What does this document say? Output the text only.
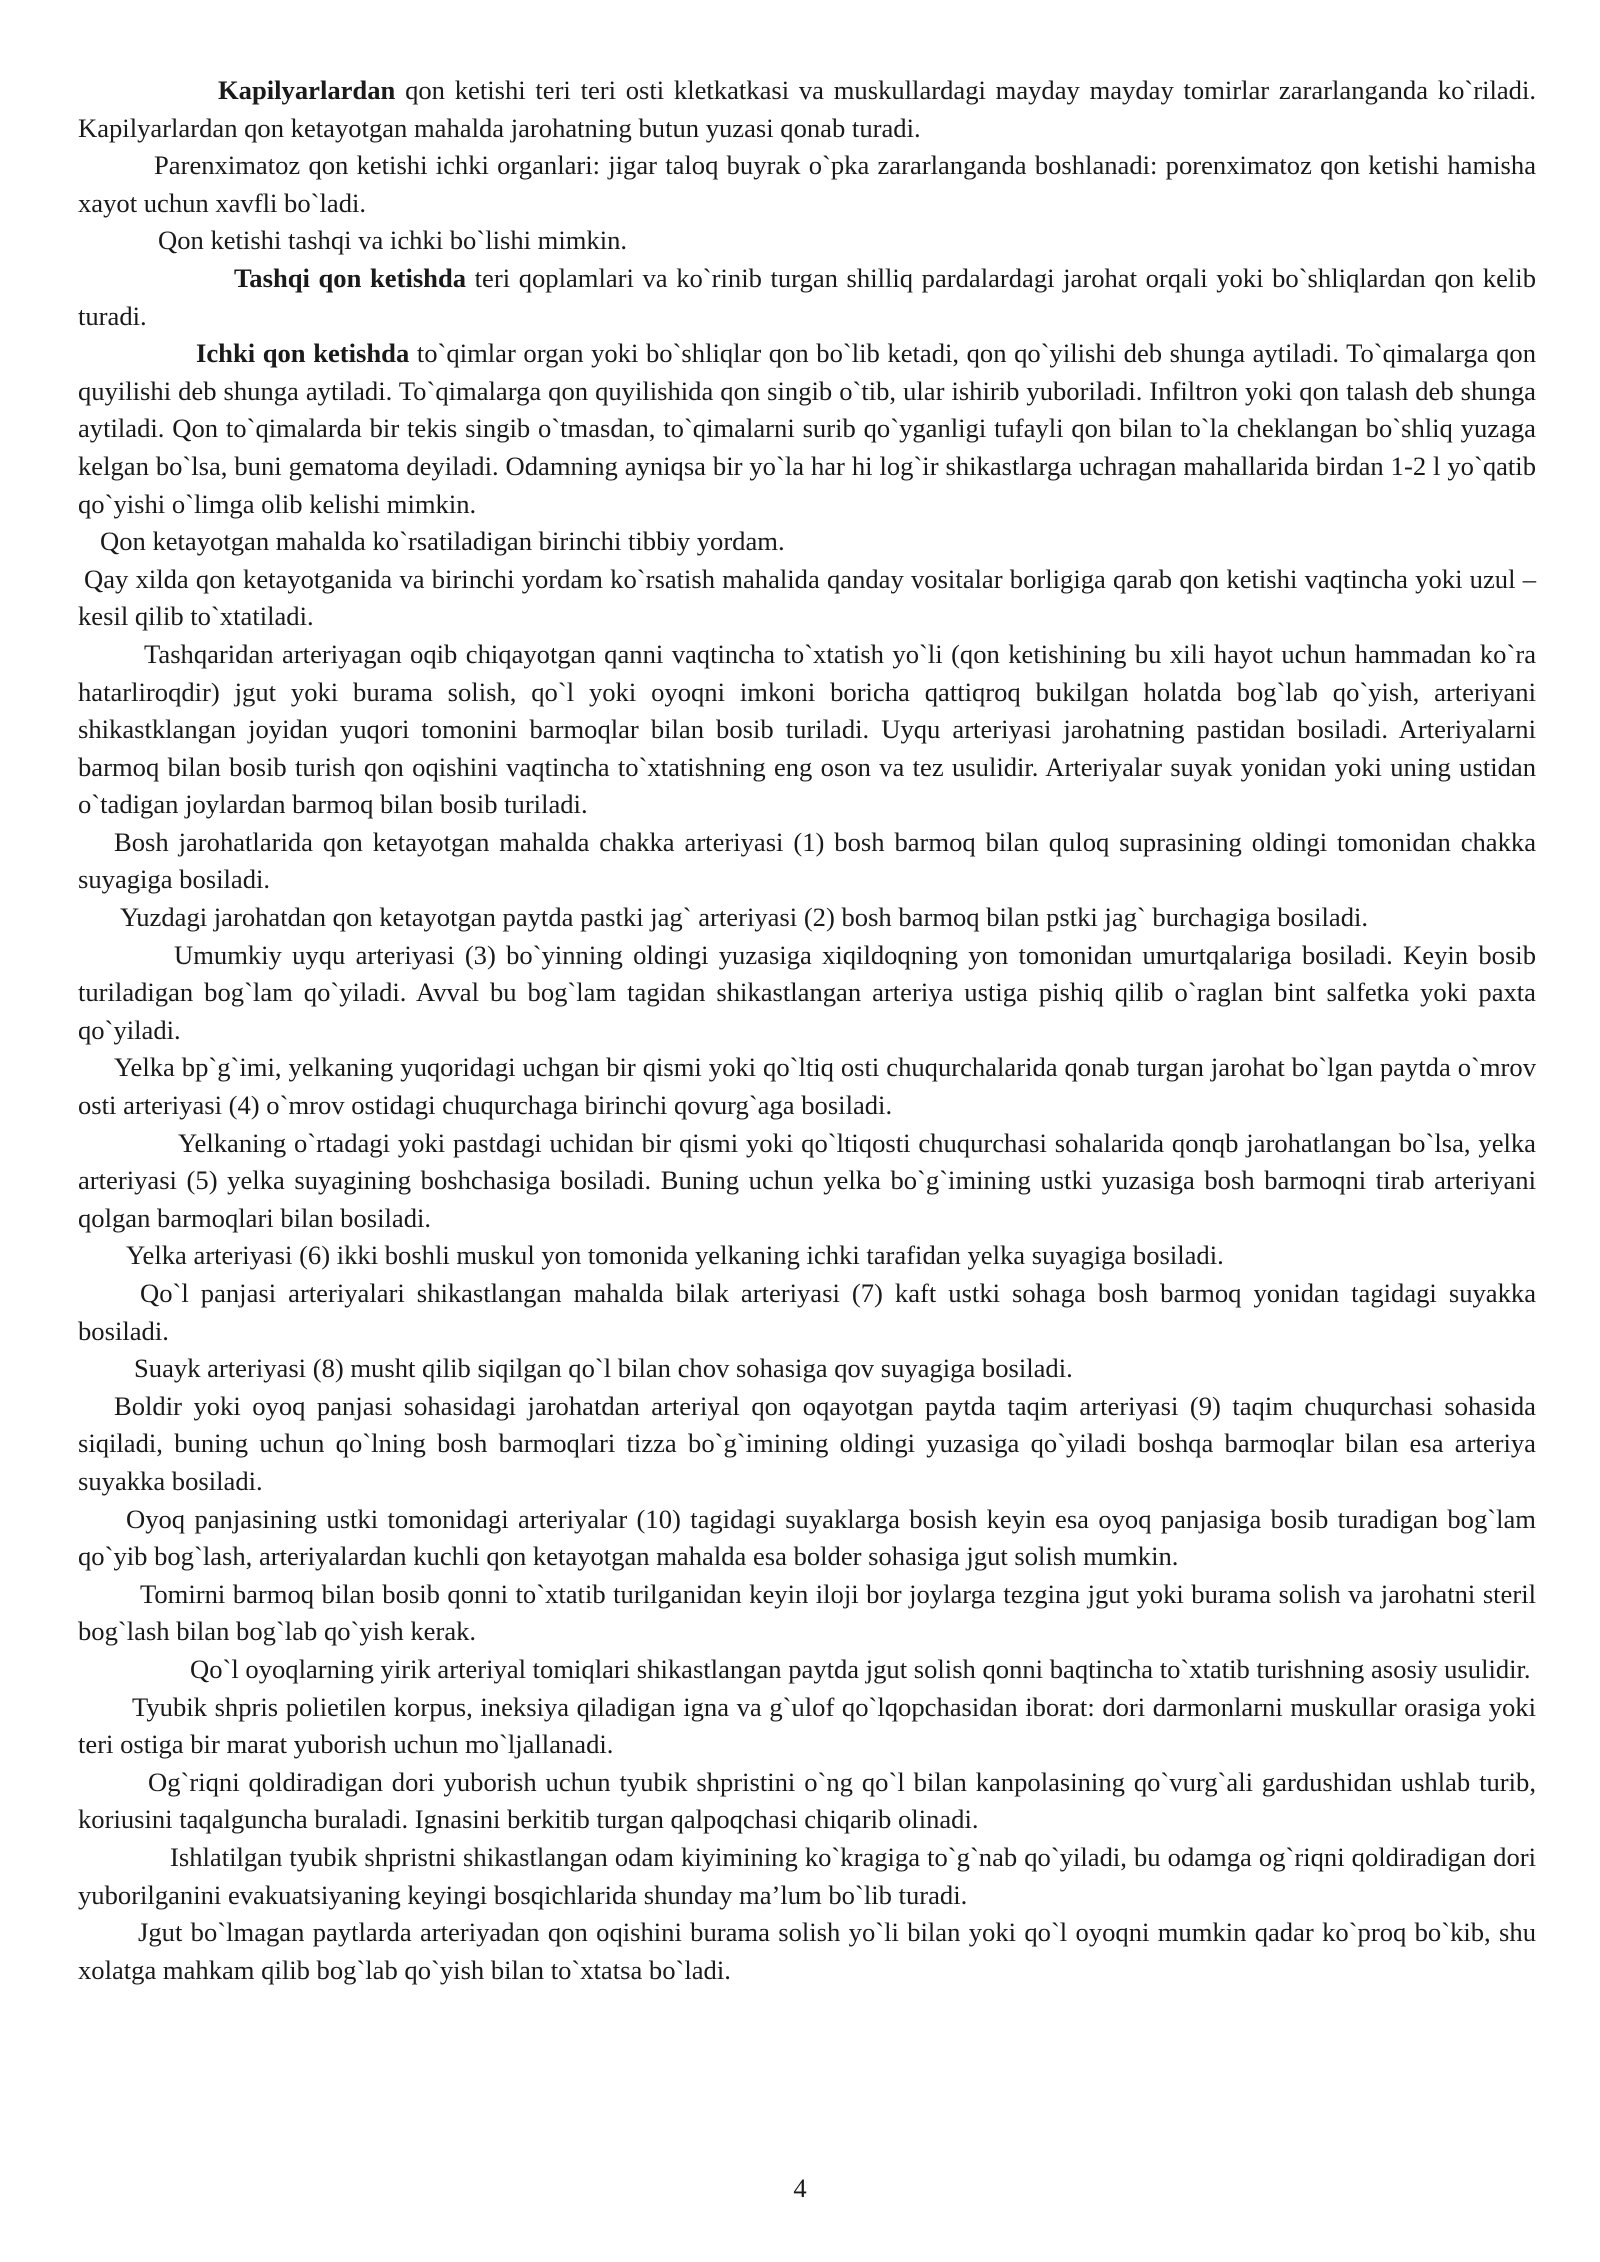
Kapilyarlardan qon ketishi teri teri osti kletkatkasi va muskullardagi mayday mayday tomirlar zararlanganda ko`riladi. Kapilyarlardan qon ketayotgan mahalda jarohatning butun yuzasi qonab turadi.

Parenximatoz qon ketishi ichki organlari: jigar taloq buyrak o`pka zararlanganda boshlanadi: porenximatoz qon ketishi hamisha xayot uchun xavfli bo`ladi.

Qon ketishi tashqi va ichki bo`lishi mimkin.

Tashqi qon ketishda teri qoplamlari va ko`rinib turgan shilliq pardalardagi jarohat orqali yoki bo`shliqlardan qon kelib turadi.

Ichki qon ketishda to`qimlar organ yoki bo`shliqlar qon bo`lib ketadi, qon qo`yilishi deb shunga aytiladi. To`qimalarga qon quyilishi deb shunga aytiladi. To`qimalarga qon quyilishida qon singib o`tib, ular ishirib yuboriladi. Infiltron yoki qon talash deb shunga aytiladi. Qon to`qimalarda bir tekis singib o`tmasdan, to`qimalarni surib qo`yganligi tufayli qon bilan to`la cheklangan bo`shliq yuzaga kelgan bo`lsa, buni gematoma deyiladi. Odamning ayniqsa bir yo`la har hi log`ir shikastlarga uchragan mahallarida birdan 1-2 l yo`qatib qo`yishi o`limga olib kelishi mimkin.

Qon ketayotgan mahalda ko`rsatiladigan birinchi tibbiy yordam.

Qay xilda qon ketayotganida va birinchi yordam ko`rsatish mahalida qanday vositalar borligiga qarab qon ketishi vaqtincha yoki uzul – kesil qilib to`xtatiladi.

Tashqaridan arteriyagan oqib chiqayotgan qanni vaqtincha to`xtatish yo`li (qon ketishining bu xili hayot uchun hammadan ko`ra hatarliroqdir) jgut yoki burama solish, qo`l yoki oyoqni imkoni boricha qattiqroq bukilgan holatda bog`lab qo`yish, arteriyani shikastklangan joyidan yuqori tomonini barmoqlar bilan bosib turiladi. Uyqu arteriyasi jarohatning pastidan bosiladi. Arteriyalarni barmoq bilan bosib turish qon oqishini vaqtincha to`xtatishning eng oson va tez usulidir. Arteriyalar suyak yonidan yoki uning ustidan o`tadigan joylardan barmoq bilan bosib turiladi.

Bosh jarohatlarida qon ketayotgan mahalda chakka arteriyasi (1) bosh barmoq bilan quloq suprasining oldingi tomonidan chakka suyagiga bosiladi.

Yuzdagi jarohatdan qon ketayotgan paytda pastki jag` arteriyasi (2) bosh barmoq bilan pstki jag` burchagiga bosiladi.

Umumkiy uyqu arteriyasi (3) bo`yinning oldingi yuzasiga xiqildoqning yon tomonidan umurtqalariga bosiladi. Keyin bosib turiladigan bog`lam qo`yiladi. Avval bu bog`lam tagidan shikastlangan arteriya ustiga pishiq qilib o`raglan bint salfetka yoki paxta qo`yiladi.

Yelka bp`g`imi, yelkaning yuqoridagi uchgan bir qismi yoki qo`ltiq osti chuqurchalarida qonab turgan jarohat bo`lgan paytda o`mrov osti arteriyasi (4) o`mrov ostidagi chuqurchaga birinchi qovurg`aga bosiladi.

Yelkaning o`rtadagi yoki pastdagi uchidan bir qismi yoki qo`ltiqosti chuqurchasi sohalarida qonqb jarohatlangan bo`lsa, yelka arteriyasi (5) yelka suyagining boshchasiga bosiladi. Buning uchun yelka bo`g`imining ustki yuzasiga bosh barmoqni tirab arteriyani qolgan barmoqlari bilan bosiladi.

Yelka arteriyasi (6) ikki boshli muskul yon tomonida yelkaning ichki tarafidan yelka suyagiga bosiladi.

Qo`l panjasi arteriyalari shikastlangan mahalda bilak arteriyasi (7) kaft ustki sohaga bosh barmoq yonidan tagidagi suyakka bosiladi.

Suayk arteriyasi (8) musht qilib siqilgan qo`l bilan chov sohasiga qov suyagiga bosiladi.

Boldir yoki oyoq panjasi sohasidagi jarohatdan arteriyal qon oqayotgan paytda taqim arteriyasi (9) taqim chuqurchasi sohasida siqiladi, buning uchun qo`lning bosh barmoqlari tizza bo`g`imining oldingi yuzasiga qo`yiladi boshqa barmoqlar bilan esa arteriya suyakka bosiladi.

Oyoq panjasining ustki tomonidagi arteriyalar (10) tagidagi suyaklarga bosish keyin esa oyoq panjasiga bosib turadigan bog`lam qo`yib bog`lash, arteriyalardan kuchli qon ketayotgan mahalda esa bolder sohasiga jgut solish mumkin.

Tomirni barmoq bilan bosib qonni to`xtatib turilganidan keyin iloji bor joylarga tezgina jgut yoki burama solish va jarohatni steril bog`lash bilan bog`lab qo`yish kerak.

Qo`l oyoqlarning yirik arteriyal tomiqlari shikastlangan paytda jgut solish qonni baqtincha to`xtatib turishning asosiy usulidir.

Tyubik shpris polietilen korpus, ineksiya qiladigan igna va g`ulof qo`lqopchasidan iborat: dori darmonlarni muskullar orasiga yoki teri ostiga bir marat yuborish uchun mo`ljallanadi.

Og`riqni qoldiradigan dori yuborish uchun tyubik shpristini o`ng qo`l bilan kanpolasining qo`vurg`ali gardushidan ushlab turib, koriusini taqalguncha buraladi. Ignasini berkitib turgan qalpoqchasi chiqarib olinadi.

Ishlatilgan tyubik shpristni shikastlangan odam kiyimining ko`kragiga to`g`nab qo`yiladi, bu odamga og`riqni qoldiradigan dori yuborilganini evakuatsiyaning keyingi bosqichlarida shunday ma’lum bo`lib turadi.

Jgut bo`lmagan paytlarda arteriyadan qon oqishini burama solish yo`li bilan yoki qo`l oyoqni mumkin qadar ko`proq bo`kib, shu xolatga mahkam qilib bog`lab qo`yish bilan to`xtatsa bo`ladi.

4
